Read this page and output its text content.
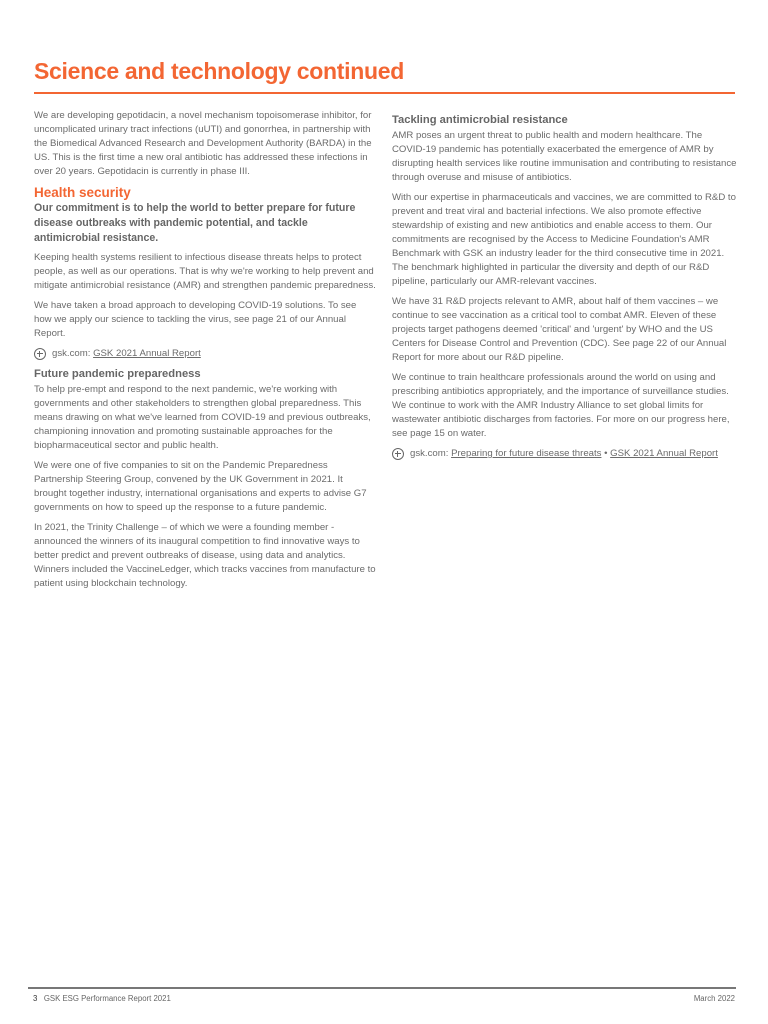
Science and technology continued

We are developing gepotidacin, a novel mechanism topoisomerase inhibitor, for uncomplicated urinary tract infections (uUTI) and gonorrhea, in partnership with the Biomedical Advanced Research and Development Authority (BARDA) in the US. This is the first time a new oral antibiotic has addressed these infections in over 20 years. Gepotidacin is currently in phase III.

Health security

Our commitment is to help the world to better prepare for future disease outbreaks with pandemic potential, and tackle antimicrobial resistance.

Keeping health systems resilient to infectious disease threats helps to protect people, as well as our operations. That is why we're working to help prevent and mitigate antimicrobial resistance (AMR) and strengthen pandemic preparedness.

We have taken a broad approach to developing COVID-19 solutions. To see how we apply our science to tackling the virus, see page 21 of our Annual Report.

gsk.com:
GSK 2021 Annual Report
Future pandemic preparedness

To help pre-empt and respond to the next pandemic, we're working with governments and other stakeholders to strengthen global preparedness. This means drawing on what we've learned from COVID-19 and previous outbreaks, championing innovation and promoting sustainable approaches for the biopharmaceutical sector and public health.

We were one of five companies to sit on the Pandemic Preparedness Partnership Steering Group, convened by the UK Government in 2021. It brought together industry, international organisations and experts to advise G7 governments on how to speed up the response to a future pandemic.

In 2021, the Trinity Challenge – of which we were a founding member - announced the winners of its inaugural competition to find innovative ways to better predict and prevent outbreaks of disease, using data and analytics. Winners included the VaccineLedger, which tracks vaccines from manufacture to patient using blockchain technology.

Tackling antimicrobial resistance

AMR poses an urgent threat to public health and modern healthcare. The COVID-19 pandemic has potentially exacerbated the emergence of AMR by disrupting health services like routine immunisation and contributing to resistance through overuse and misuse of antibiotics.

With our expertise in pharmaceuticals and vaccines, we are committed to R&D to prevent and treat viral and bacterial infections. We also promote effective stewardship of existing and new antibiotics and enable access to them. Our commitments are recognised by the Access to Medicine Foundation's AMR Benchmark with GSK an industry leader for the third consecutive time in 2021. The benchmark highlighted in particular the diversity and depth of our R&D pipeline, particularly our AMR-relevant vaccines.

We have 31 R&D projects relevant to AMR, about half of them vaccines – we continue to see vaccination as a critical tool to combat AMR. Eleven of these projects target pathogens deemed 'critical' and 'urgent' by WHO and the US Centers for Disease Control and Prevention (CDC). See page 22 of our Annual Report for more about our R&D pipeline.

We continue to train healthcare professionals around the world on using and prescribing antibiotics appropriately, and the importance of surveillance studies. We continue to work with the AMR Industry Alliance to set global limits for wastewater antibiotic discharges from factories. For more on our progress here, see page 15 on water.

gsk.com:
Preparing for future disease threats • GSK 2021 Annual Report
3 GSK ESG Performance Report 2021	March 2022
